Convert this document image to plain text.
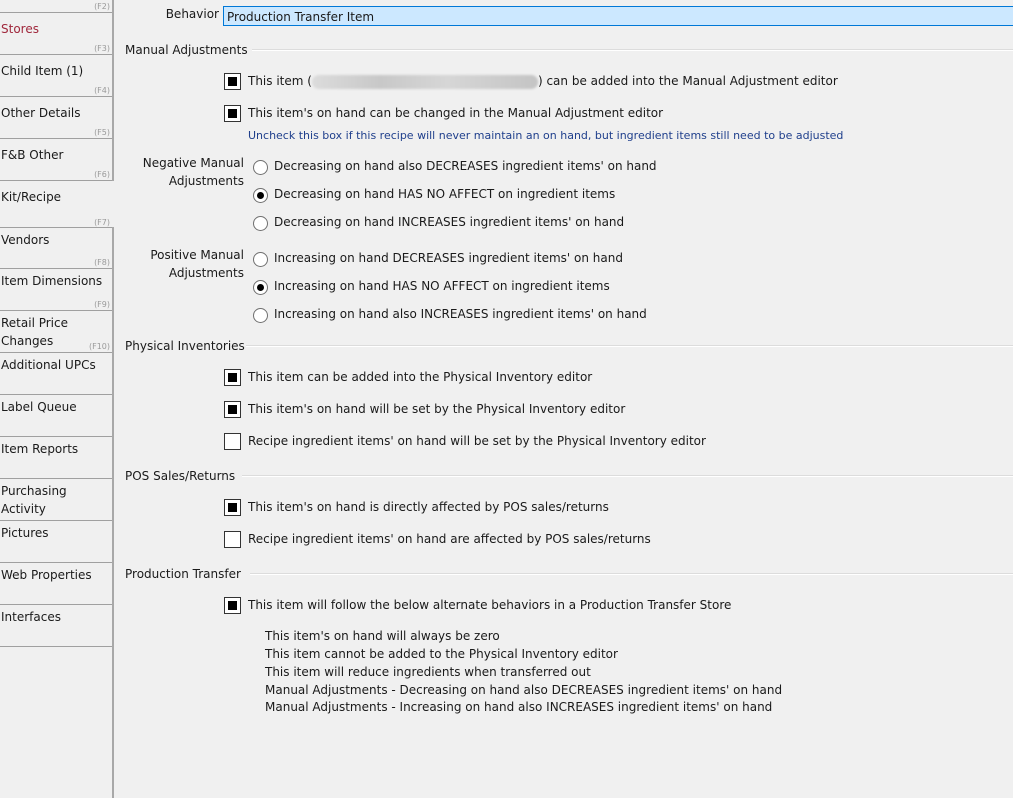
(F2)
Stores
(F3)
Child Item (1)
(F4)
Other Details
(F5)
F&B Other
(F6)
Kit/Recipe
(F7)
Vendors
(F8)
Item Dimensions
(F9)
Retail Price Changes	(F10)
Additional UPCs
Label Queue
Item Reports
Purchasing Activity
Pictures
Web Properties
Interfaces
Behavior Production Transfer Item
Manual Adjustments
This item (	) can be added into the Manual Adjustment editor
This item's on hand can be changed in the Manual Adjustment editor
Uncheck this box if this recipe will never maintain an on hand, but ingredient items still need to be adjusted
Negative Manual Adjustments
Decreasing on hand also DECREASES ingredient items' on hand
Decreasing on hand HAS NO AFFECT on ingredient items
Decreasing on hand INCREASES ingredient items' on hand
Positive Manual Adjustments
Increasing on hand DECREASES ingredient items' on hand
Increasing on hand HAS NO AFFECT on ingredient items
Increasing on hand also INCREASES ingredient items' on hand
Physical Inventories
This item can be added into the Physical Inventory editor
This item's on hand will be set by the Physical Inventory editor
Recipe ingredient items' on hand will be set by the Physical Inventory editor
POS Sales/Returns
This item's on hand is directly affected by POS sales/returns
Recipe ingredient items' on hand are affected by POS sales/returns
Production Transfer
This item will follow the below alternate behaviors in a Production Transfer Store
This item's on hand will always be zero
This item cannot be added to the Physical Inventory editor
This item will reduce ingredients when transferred out
Manual Adjustments - Decreasing on hand also DECREASES ingredient items' on hand
Manual Adjustments - Increasing on hand also INCREASES ingredient items' on hand
